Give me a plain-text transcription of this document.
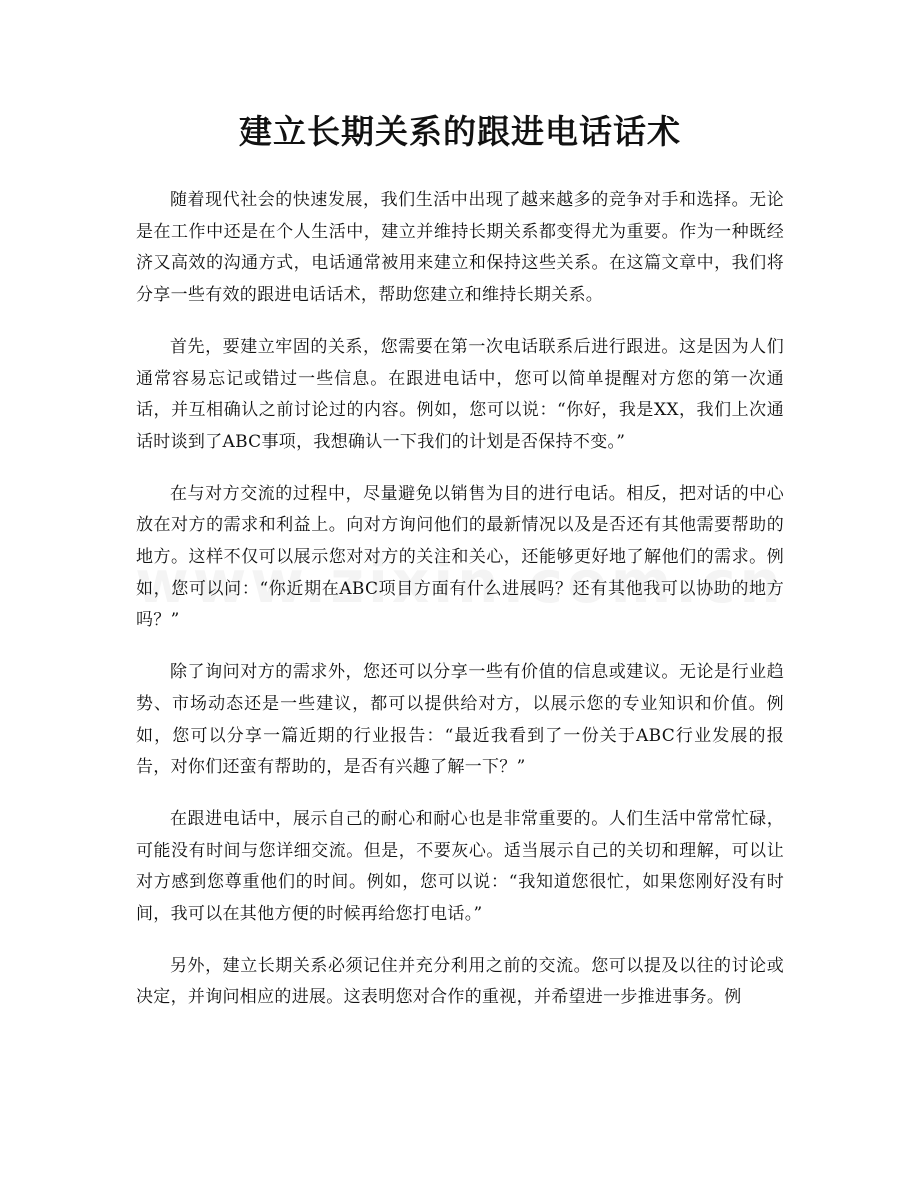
建立长期关系的跟进电话话术

随着现代社会的快速发展，我们生活中出现了越来越多的竞争对手和选择。无论是在工作中还是在个人生活中，建立并维持长期关系都变得尤为重要。作为一种既经济又高效的沟通方式，电话通常被用来建立和保持这些关系。在这篇文章中，我们将分享一些有效的跟进电话话术，帮助您建立和维持长期关系。

首先，要建立牢固的关系，您需要在第一次电话联系后进行跟进。这是因为人们通常容易忘记或错过一些信息。在跟进电话中，您可以简单提醒对方您的第一次通话，并互相确认之前讨论过的内容。例如，您可以说：“你好，我是XX，我们上次通话时谈到了ABC事项，我想确认一下我们的计划是否保持不变。”

在与对方交流的过程中，尽量避免以销售为目的进行电话。相反，把对话的中心放在对方的需求和利益上。向对方询问他们的最新情况以及是否还有其他需要帮助的地方。这样不仅可以展示您对对方的关注和关心，还能够更好地了解他们的需求。例如，您可以问：“你近期在ABC项目方面有什么进展吗？还有其他我可以协助的地方吗？”

除了询问对方的需求外，您还可以分享一些有价值的信息或建议。无论是行业趋势、市场动态还是一些建议，都可以提供给对方，以展示您的专业知识和价值。例如，您可以分享一篇近期的行业报告：“最近我看到了一份关于ABC行业发展的报告，对你们还蛮有帮助的，是否有兴趣了解一下？”

在跟进电话中，展示自己的耐心和耐心也是非常重要的。人们生活中常常忙碌，可能没有时间与您详细交流。但是，不要灰心。适当展示自己的关切和理解，可以让对方感到您尊重他们的时间。例如，您可以说：“我知道您很忙，如果您刚好没有时间，我可以在其他方便的时候再给您打电话。”

另外，建立长期关系必须记住并充分利用之前的交流。您可以提及以往的讨论或决定，并询问相应的进展。这表明您对合作的重视，并希望进一步推进事务。例
